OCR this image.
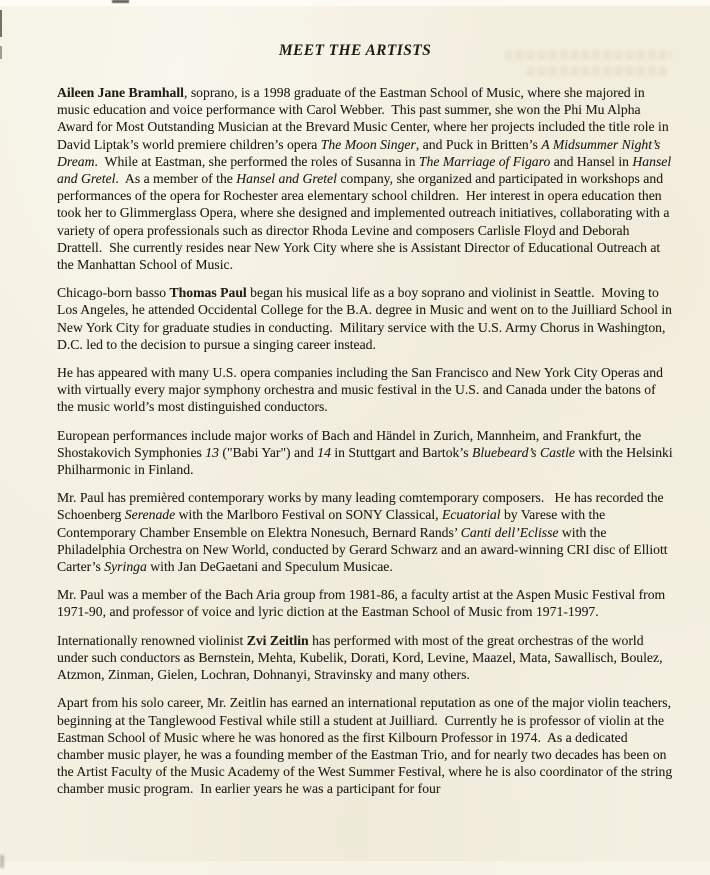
MEET THE ARTISTS

Aileen Jane Bramhall, soprano, is a 1998 graduate of the Eastman School of Music, where she majored in music education and voice performance with Carol Webber.  This past summer, she won the Phi Mu Alpha Award for Most Outstanding Musician at the Brevard Music Center, where her projects included the title role in David Liptak’s world premiere children’s opera The Moon Singer, and Puck in Britten’s A Midsummer Night’s Dream.  While at Eastman, she performed the roles of Susanna in The Marriage of Figaro and Hansel in Hansel and Gretel.  As a member of the Hansel and Gretel company, she organized and participated in workshops and performances of the opera for Rochester area elementary school children.  Her interest in opera education then took her to Glimmerglass Opera, where she designed and implemented outreach initiatives, collaborating with a variety of opera professionals such as director Rhoda Levine and composers Carlisle Floyd and Deborah Drattell.  She currently resides near New York City where she is Assistant Director of Educational Outreach at the Manhattan School of Music.

Chicago-born basso Thomas Paul began his musical life as a boy soprano and violinist in Seattle.  Moving to Los Angeles, he attended Occidental College for the B.A. degree in Music and went on to the Juilliard School in New York City for graduate studies in conducting.  Military service with the U.S. Army Chorus in Washington, D.C. led to the decision to pursue a singing career instead.

He has appeared with many U.S. opera companies including the San Francisco and New York City Operas and with virtually every major symphony orchestra and music festival in the U.S. and Canada under the batons of the music world’s most distinguished conductors.

European performances include major works of Bach and Händel in Zurich, Mannheim, and Frankfurt, the Shostakovich Symphonies 13 ("Babi Yar") and 14 in Stuttgart and Bartok’s Bluebeard’s Castle with the Helsinki Philharmonic in Finland.

Mr. Paul has premièred contemporary works by many leading comtemporary composers.   He has recorded the Schoenberg Serenade with the Marlboro Festival on SONY Classical, Ecuatorial by Varese with the Contemporary Chamber Ensemble on Elektra Nonesuch, Bernard Rands’ Canti dell’Eclisse with the Philadelphia Orchestra on New World, conducted by Gerard Schwarz and an award-winning CRI disc of Elliott Carter’s Syringa with Jan DeGaetani and Speculum Musicae.

Mr. Paul was a member of the Bach Aria group from 1981-86, a faculty artist at the Aspen Music Festival from 1971-90, and professor of voice and lyric diction at the Eastman School of Music from 1971-1997.

Internationally renowned violinist Zvi Zeitlin has performed with most of the great orchestras of the world under such conductors as Bernstein, Mehta, Kubelik, Dorati, Kord, Levine, Maazel, Mata, Sawallisch, Boulez, Atzmon, Zinman, Gielen, Lochran, Dohnanyi, Stravinsky and many others.

Apart from his solo career, Mr. Zeitlin has earned an international reputation as one of the major violin teachers, beginning at the Tanglewood Festival while still a student at Juilliard.  Currently he is professor of violin at the Eastman School of Music where he was honored as the first Kilbourn Professor in 1974.  As a dedicated chamber music player, he was a founding member of the Eastman Trio, and for nearly two decades has been on the Artist Faculty of the Music Academy of the West Summer Festival, where he is also coordinator of the string chamber music program.  In earlier years he was a participant for four
